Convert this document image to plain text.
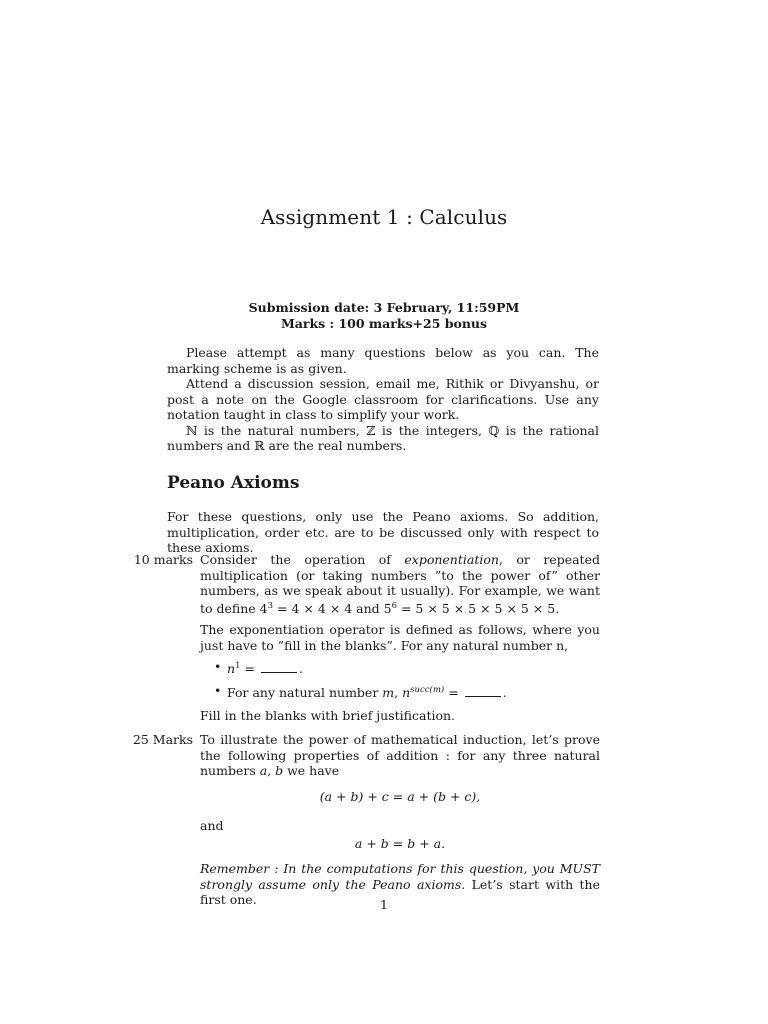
Assignment 1 : Calculus
Submission date: 3 February, 11:59PM
Marks : 100 marks+25 bonus

Please attempt as many questions below as you can. The marking scheme is as given.

Attend a discussion session, email me, Rithik or Divyanshu, or post a note on the Google classroom for clarifications. Use any notation taught in class to simplify your work.

ℕ is the natural numbers, ℤ is the integers, ℚ is the rational numbers and ℝ are the real numbers.

Peano Axioms

For these questions, only use the Peano axioms. So addition, multiplication, order etc. are to be discussed only with respect to these axioms.

10 marks Consider the operation of exponentiation, or repeated multiplication (or taking numbers ”to the power of” other numbers, as we speak about it usually). For example, we want to define $4^3 = 4 \times 4 \times 4$ and $5^6 = 5 \times 5 \times 5 \times 5 \times 5 \times 5$.

The exponentiation operator is defined as follows, where you just have to ”fill in the blanks”. For any natural number n,

• $n^1$ =	.
• For any natural number m, $n^{succ(m)}$ =	.

Fill in the blanks with brief justification.

25 Marks To illustrate the power of mathematical induction, let’s prove the following properties of addition : for any three natural numbers a, b we have

(a + b) + c = a + (b + c),

and

a + b = b + a.

Remember : In the computations for this question, you MUST strongly assume only the Peano axioms. Let’s start with the first one.	1
